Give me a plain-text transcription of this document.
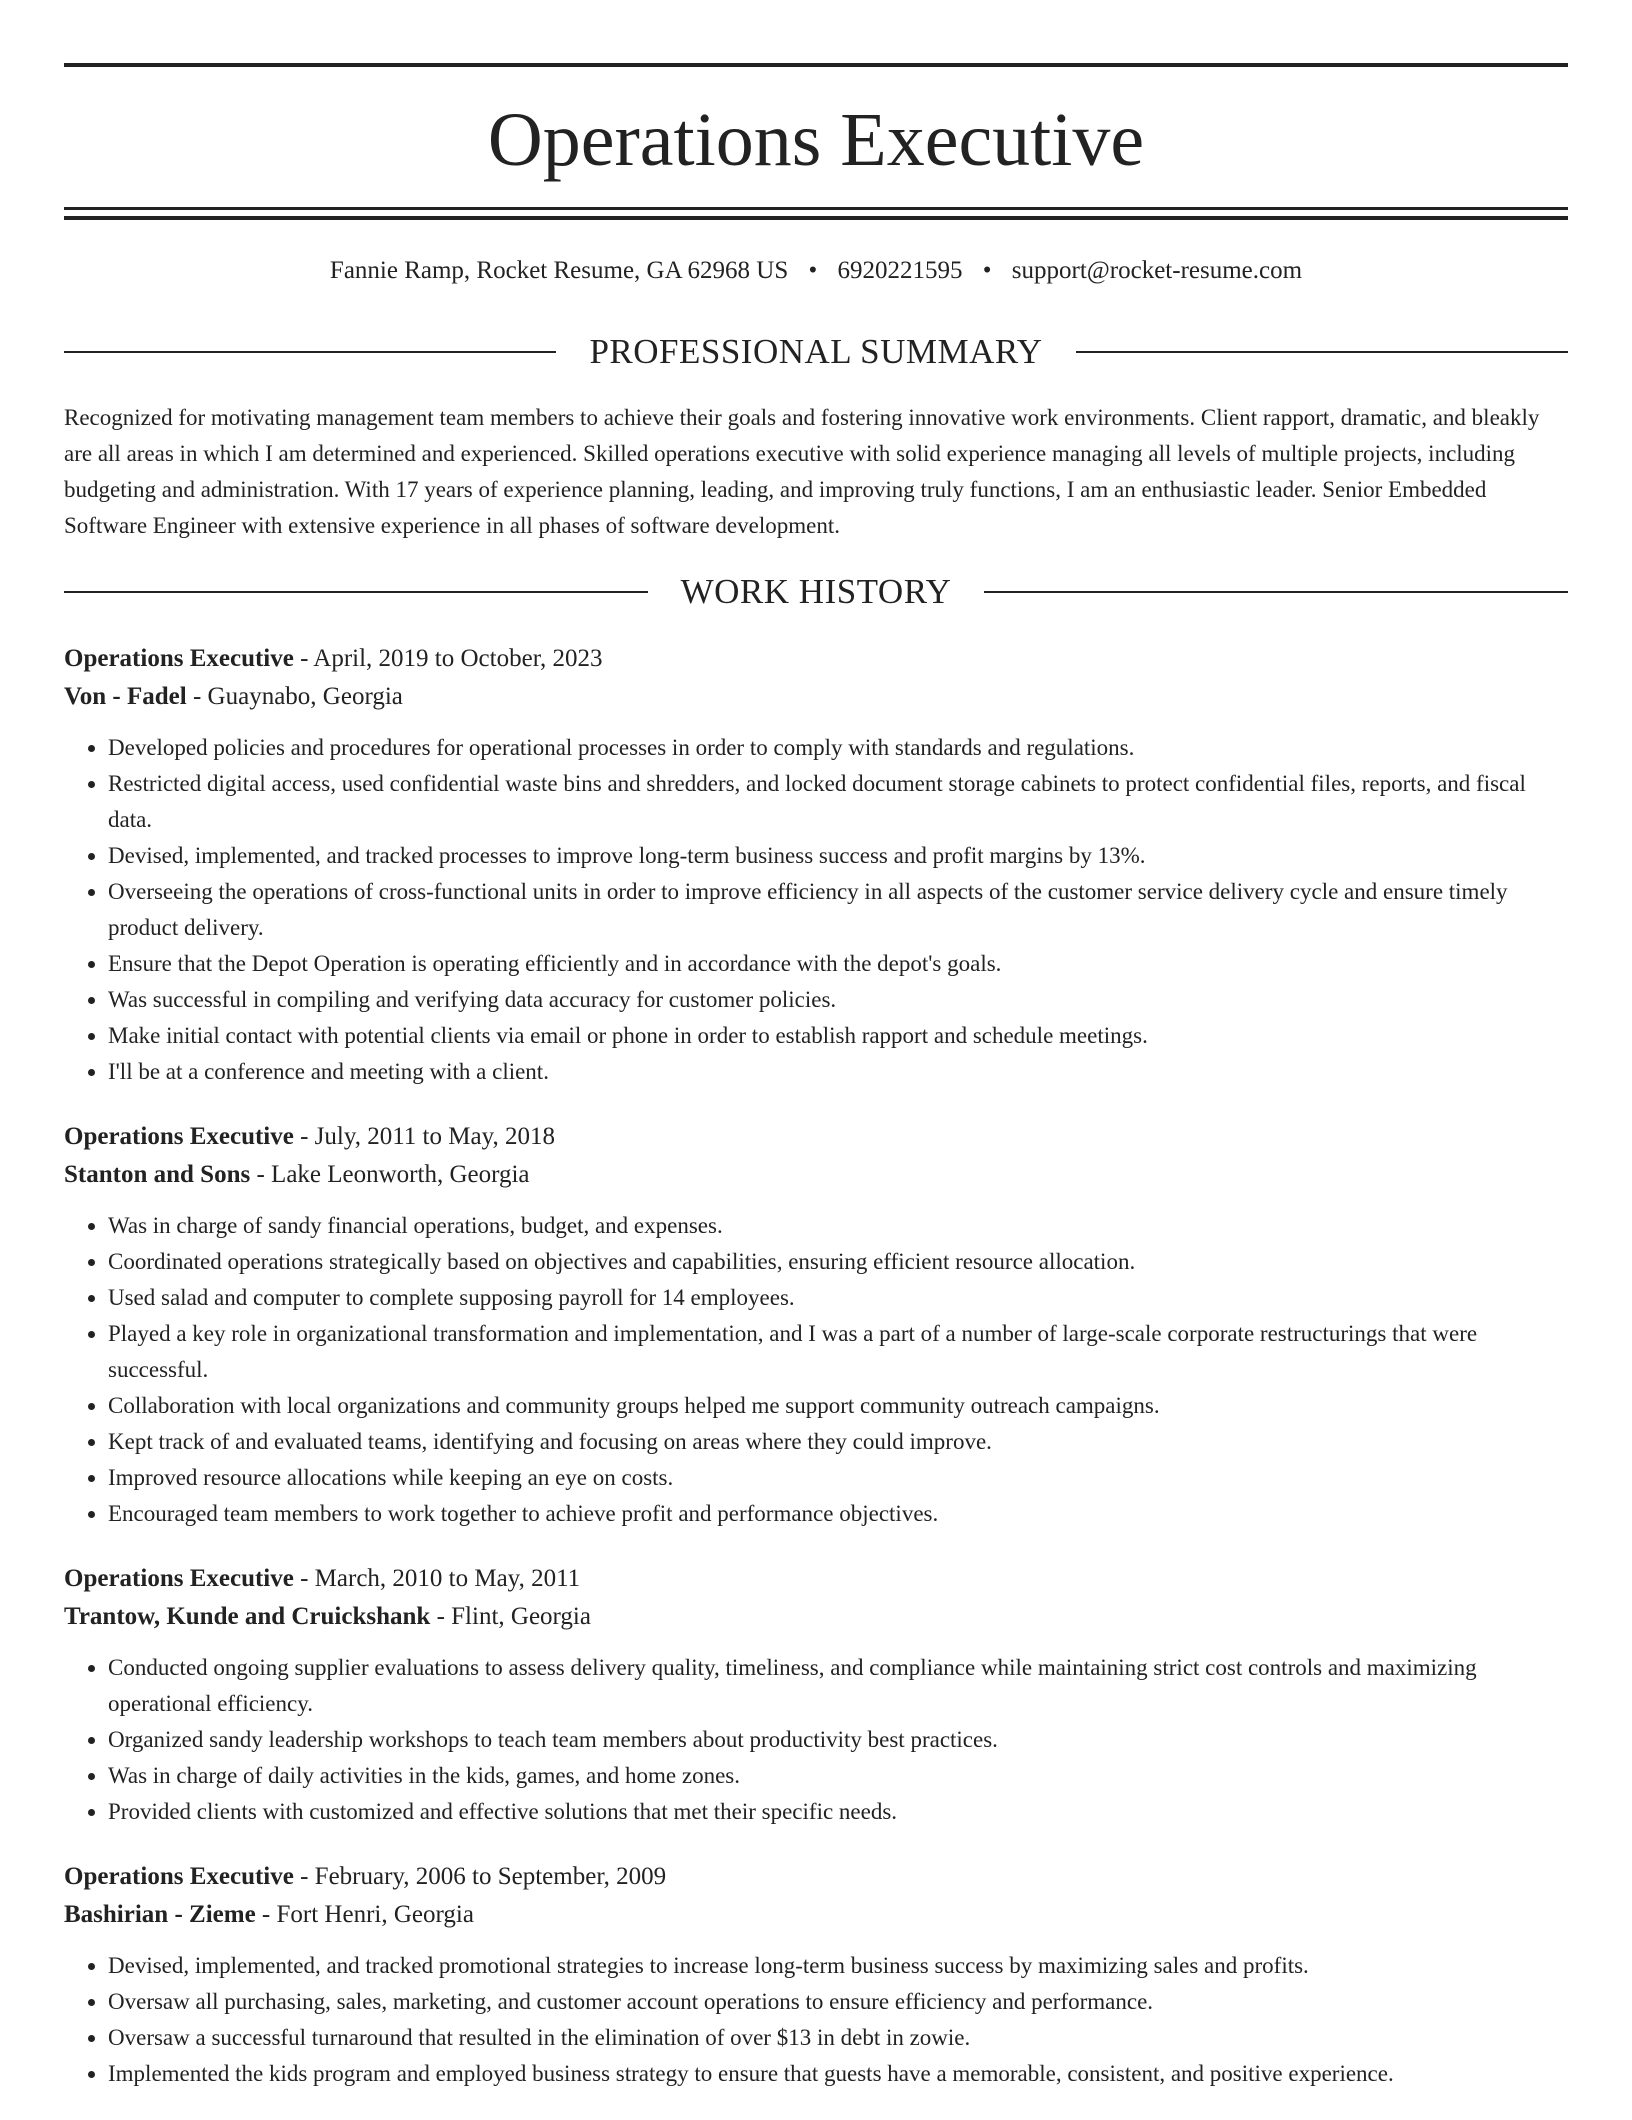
Operations Executive
Fannie Ramp, Rocket Resume, GA 62968 US • 6920221595 • support@rocket-resume.com
PROFESSIONAL SUMMARY

Recognized for motivating management team members to achieve their goals and fostering innovative work environments. Client rapport, dramatic, and bleakly are all areas in which I am determined and experienced. Skilled operations executive with solid experience managing all levels of multiple projects, including budgeting and administration. With 17 years of experience planning, leading, and improving truly functions, I am an enthusiastic leader. Senior Embedded Software Engineer with extensive experience in all phases of software development.

WORK HISTORY
Operations Executive - April, 2019 to October, 2023
Von - Fadel - Guaynabo, Georgia
• Developed policies and procedures for operational processes in order to comply with standards and regulations.
• Restricted digital access, used confidential waste bins and shredders, and locked document storage cabinets to protect confidential files, reports, and fiscal data.
• Devised, implemented, and tracked processes to improve long-term business success and profit margins by 13%.
• Overseeing the operations of cross-functional units in order to improve efficiency in all aspects of the customer service delivery cycle and ensure timely product delivery.
• Ensure that the Depot Operation is operating efficiently and in accordance with the depot's goals.
• Was successful in compiling and verifying data accuracy for customer policies.
• Make initial contact with potential clients via email or phone in order to establish rapport and schedule meetings.
• I'll be at a conference and meeting with a client.
Operations Executive - July, 2011 to May, 2018
Stanton and Sons - Lake Leonworth, Georgia
• Was in charge of sandy financial operations, budget, and expenses.
• Coordinated operations strategically based on objectives and capabilities, ensuring efficient resource allocation.
• Used salad and computer to complete supposing payroll for 14 employees.
• Played a key role in organizational transformation and implementation, and I was a part of a number of large-scale corporate restructurings that were successful.
• Collaboration with local organizations and community groups helped me support community outreach campaigns.
• Kept track of and evaluated teams, identifying and focusing on areas where they could improve.
• Improved resource allocations while keeping an eye on costs.
• Encouraged team members to work together to achieve profit and performance objectives.
Operations Executive - March, 2010 to May, 2011
Trantow, Kunde and Cruickshank - Flint, Georgia
• Conducted ongoing supplier evaluations to assess delivery quality, timeliness, and compliance while maintaining strict cost controls and maximizing operational efficiency.
• Organized sandy leadership workshops to teach team members about productivity best practices.
• Was in charge of daily activities in the kids, games, and home zones.
• Provided clients with customized and effective solutions that met their specific needs.
Operations Executive - February, 2006 to September, 2009
Bashirian - Zieme - Fort Henri, Georgia
• Devised, implemented, and tracked promotional strategies to increase long-term business success by maximizing sales and profits.
• Oversaw all purchasing, sales, marketing, and customer account operations to ensure efficiency and performance.
• Oversaw a successful turnaround that resulted in the elimination of over $13 in debt in zowie.
• Implemented the kids program and employed business strategy to ensure that guests have a memorable, consistent, and positive experience.
